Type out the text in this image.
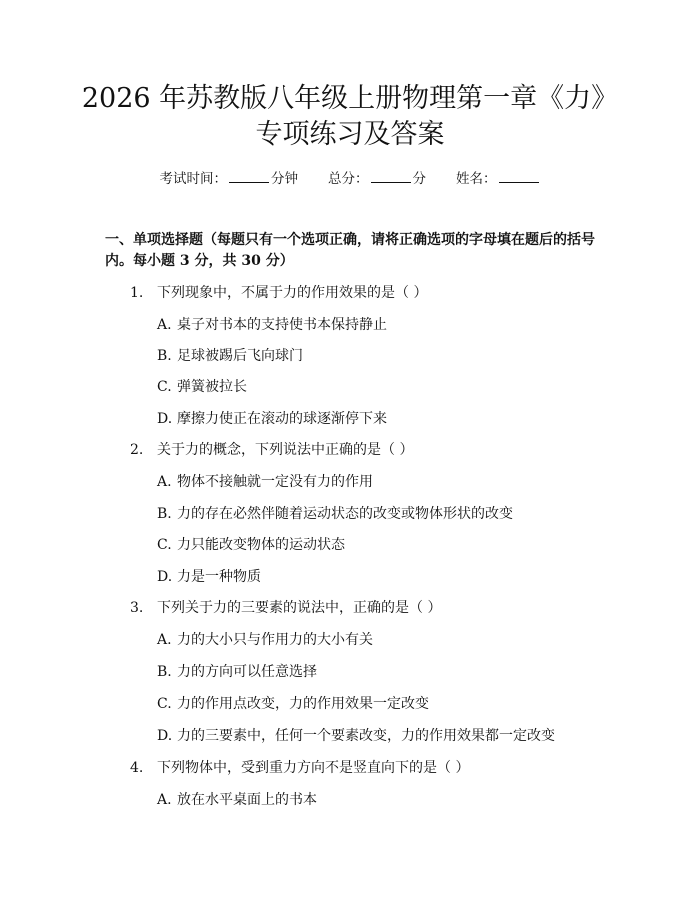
2026 年苏教版八年级上册物理第一章《力》
专项练习及答案
考试时间：	分钟 总分：	分 姓名：
一、单项选择题（每题只有一个选项正确，请将正确选项的字母填在题后的括号内。每小题 3 分，共 30 分）
1. 下列现象中，不属于力的作用效果的是（ ）
A. 桌子对书本的支持使书本保持静止
B. 足球被踢后飞向球门
C. 弹簧被拉长
D. 摩擦力使正在滚动的球逐渐停下来
2. 关于力的概念，下列说法中正确的是（ ）
A. 物体不接触就一定没有力的作用
B. 力的存在必然伴随着运动状态的改变或物体形状的改变
C. 力只能改变物体的运动状态
D. 力是一种物质
3. 下列关于力的三要素的说法中，正确的是（ ）
A. 力的大小只与作用力的大小有关
B. 力的方向可以任意选择
C. 力的作用点改变，力的作用效果一定改变
D. 力的三要素中，任何一个要素改变，力的作用效果都一定改变
4. 下列物体中，受到重力方向不是竖直向下的是（ ）
A. 放在水平桌面上的书本
